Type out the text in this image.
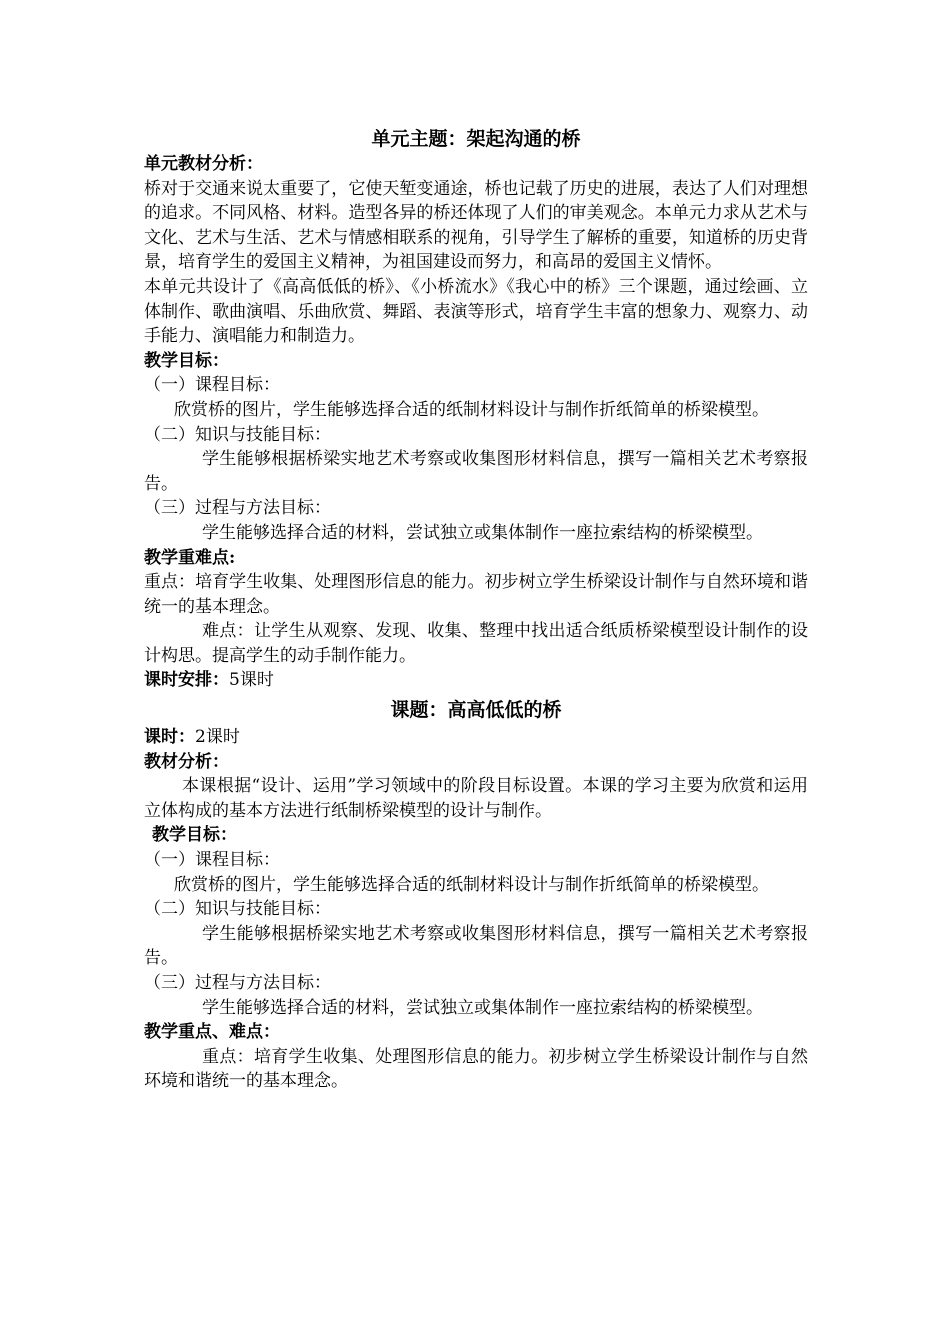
单元主题：架起沟通的桥
单元教材分析：
桥对于交通来说太重要了，它使天堑变通途，桥也记载了历史的进展，表达了人们对理想的追求。不同风格、材料。造型各异的桥还体现了人们的审美观念。本单元力求从艺术与文化、艺术与生活、艺术与情感相联系的视角，引导学生了解桥的重要，知道桥的历史背景，培育学生的爱国主义精神，为祖国建设而努力，和高昂的爱国主义情怀。
本单元共设计了《高高低低的桥》、《小桥流水》《我心中的桥》三个课题，通过绘画、立体制作、歌曲演唱、乐曲欣赏、舞蹈、表演等形式，培育学生丰富的想象力、观察力、动手能力、演唱能力和制造力。
教学目标：
（一）课程目标：
欣赏桥的图片，学生能够选择合适的纸制材料设计与制作折纸简单的桥梁模型。
（二）知识与技能目标：
学生能够根据桥梁实地艺术考察或收集图形材料信息，撰写一篇相关艺术考察报告。
（三）过程与方法目标：
学生能够选择合适的材料，尝试独立或集体制作一座拉索结构的桥梁模型。
教学重难点:
重点：培育学生收集、处理图形信息的能力。初步树立学生桥梁设计制作与自然环境和谐统一的基本理念。
难点：让学生从观察、发现、收集、整理中找出适合纸质桥梁模型设计制作的设计构思。提高学生的动手制作能力。
课时安排：5课时
课题：高高低低的桥
课时：2课时
教材分析：
本课根据“设计、运用”学习领域中的阶段目标设置。本课的学习主要为欣赏和运用立体构成的基本方法进行纸制桥梁模型的设计与制作。
教学目标：
（一）课程目标：
欣赏桥的图片，学生能够选择合适的纸制材料设计与制作折纸简单的桥梁模型。
（二）知识与技能目标：
学生能够根据桥梁实地艺术考察或收集图形材料信息，撰写一篇相关艺术考察报告。
（三）过程与方法目标：
学生能够选择合适的材料，尝试独立或集体制作一座拉索结构的桥梁模型。
教学重点、难点：
重点：培育学生收集、处理图形信息的能力。初步树立学生桥梁设计制作与自然环境和谐统一的基本理念。
